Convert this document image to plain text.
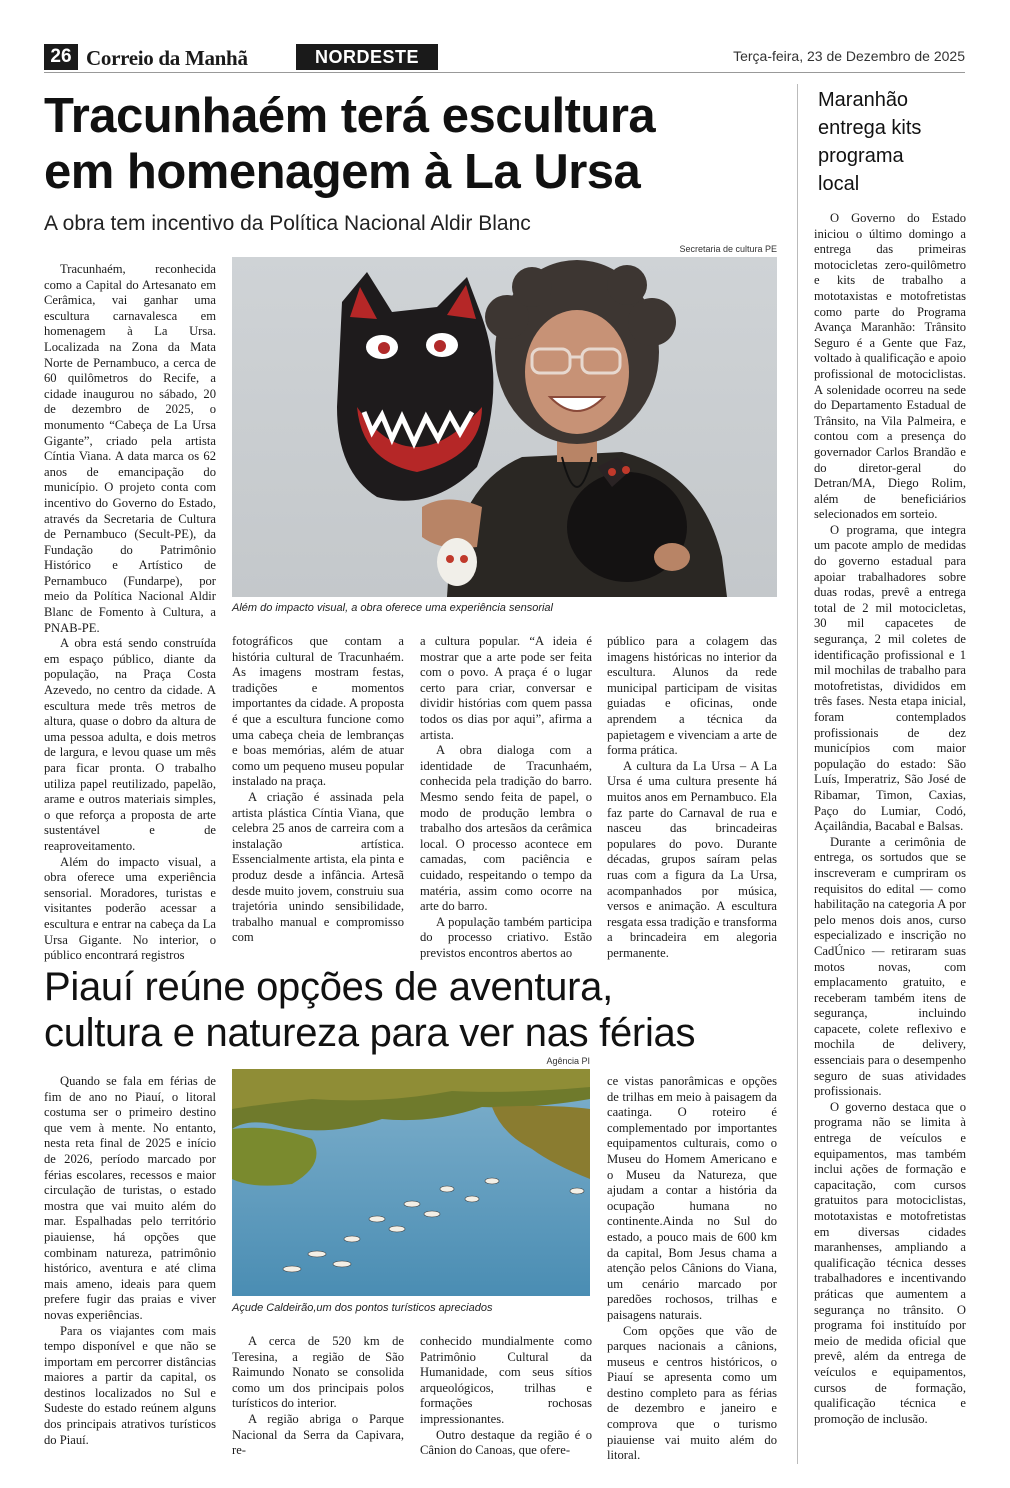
26 Correio da Manhã	NORDESTE	Terça-feira, 23 de Dezembro de 2025
Tracunhaém terá escultura
em homenagem à La Ursa
A obra tem incentivo da Política Nacional Aldir Blanc
Secretaria de cultura PE
Além do impacto visual, a obra oferece uma experiência sensorial

Tracunhaém, reconhecida como a Capital do Artesanato em Cerâmica, vai ganhar uma escultura carnavalesca em homenagem à La Ursa. Localizada na Zona da Mata Norte de Pernambuco, a cerca de 60 quilômetros do Recife, a cidade inaugurou no sábado, 20 de dezembro de 2025, o monumento “Cabeça de La Ursa Gigante”, criado pela artista Cíntia Viana. A data marca os 62 anos de emancipação do município. O projeto conta com incentivo do Governo do Estado, através da Secretaria de Cultura de Pernambuco (Secult-PE), da Fundação do Patrimônio Histórico e Artístico de Pernambuco (Fundarpe), por meio da Política Nacional Aldir Blanc de Fomento à Cultura, a PNAB-PE.

A obra está sendo construída em espaço público, diante da população, na Praça Costa Azevedo, no centro da cidade. A escultura mede três metros de altura, quase o dobro da altura de uma pessoa adulta, e dois metros de largura, e levou quase um mês para ficar pronta. O trabalho utiliza papel reutilizado, papelão, arame e outros materiais simples, o que reforça a proposta de arte sustentável e de reaproveitamento.

Além do impacto visual, a obra oferece uma experiência sensorial. Moradores, turistas e visitantes poderão acessar a escultura e entrar na cabeça da La Ursa Gigante. No interior, o público encontrará registros

fotográficos que contam a história cultural de Tracunhaém. As imagens mostram festas, tradições e momentos importantes da cidade. A proposta é que a escultura funcione como uma cabeça cheia de lembranças e boas memórias, além de atuar como um pequeno museu popular instalado na praça.

A criação é assinada pela artista plástica Cíntia Viana, que celebra 25 anos de carreira com a instalação artística. Essencialmente artista, ela pinta e produz desde a infância. Artesã desde muito jovem, construiu sua trajetória unindo sensibilidade, trabalho manual e compromisso com

a cultura popular. “A ideia é mostrar que a arte pode ser feita com o povo. A praça é o lugar certo para criar, conversar e dividir histórias com quem passa todos os dias por aqui”, afirma a artista.

A obra dialoga com a identidade de Tracunhaém, conhecida pela tradição do barro. Mesmo sendo feita de papel, o modo de produção lembra o trabalho dos artesãos da cerâmica local. O processo acontece em camadas, com paciência e cuidado, respeitando o tempo da matéria, assim como ocorre na arte do barro.

A população também participa do processo criativo. Estão previstos encontros abertos ao

público para a colagem das imagens históricas no interior da escultura. Alunos da rede municipal participam de visitas guiadas e oficinas, onde aprendem a técnica da papietagem e vivenciam a arte de forma prática.

A cultura da La Ursa – A La Ursa é uma cultura presente há muitos anos em Pernambuco. Ela faz parte do Carnaval de rua e nasceu das brincadeiras populares do povo. Durante décadas, grupos saíram pelas ruas com a figura da La Ursa, acompanhados por música, versos e animação. A escultura resgata essa tradição e transforma a brincadeira em alegoria permanente.

Maranhão
entrega kits
programa
local

O Governo do Estado iniciou o último domingo a entrega das primeiras motocicletas zero-quilômetro e kits de trabalho a mototaxistas e motofretistas como parte do Programa Avança Maranhão: Trânsito Seguro é a Gente que Faz, voltado à qualificação e apoio profissional de motociclistas. A solenidade ocorreu na sede do Departamento Estadual de Trânsito, na Vila Palmeira, e contou com a presença do governador Carlos Brandão e do diretor-geral do Detran/MA, Diego Rolim, além de beneficiários selecionados em sorteio.

O programa, que integra um pacote amplo de medidas do governo estadual para apoiar trabalhadores sobre duas rodas, prevê a entrega total de 2 mil motocicletas, 30 mil capacetes de segurança, 2 mil coletes de identificação profissional e 1 mil mochilas de trabalho para motofretistas, divididos em três fases. Nesta etapa inicial, foram contemplados profissionais de dez municípios com maior população do estado: São Luís, Imperatriz, São José de Ribamar, Timon, Caxias, Paço do Lumiar, Codó, Açailândia, Bacabal e Balsas.

Durante a cerimônia de entrega, os sortudos que se inscreveram e cumpriram os requisitos do edital — como habilitação na categoria A por pelo menos dois anos, curso especializado e inscrição no CadÚnico — retiraram suas motos novas, com emplacamento gratuito, e receberam também itens de segurança, incluindo capacete, colete reflexivo e mochila de delivery, essenciais para o desempenho seguro de suas atividades profissionais.

O governo destaca que o programa não se limita à entrega de veículos e equipamentos, mas também inclui ações de formação e capacitação, com cursos gratuitos para motociclistas, mototaxistas e motofretistas em diversas cidades maranhenses, ampliando a qualificação técnica desses trabalhadores e incentivando práticas que aumentem a segurança no trânsito. O programa foi instituído por meio de medida oficial que prevê, além da entrega de veículos e equipamentos, cursos de formação, qualificação técnica e promoção de inclusão.

Piauí reúne opções de aventura,
cultura e natureza para ver nas férias
Agência PI
Açude Caldeirão,um dos pontos turísticos apreciados

Quando se fala em férias de fim de ano no Piauí, o litoral costuma ser o primeiro destino que vem à mente. No entanto, nesta reta final de 2025 e início de 2026, período marcado por férias escolares, recessos e maior circulação de turistas, o estado mostra que vai muito além do mar. Espalhadas pelo território piauiense, há opções que combinam natureza, patrimônio histórico, aventura e até clima mais ameno, ideais para quem prefere fugir das praias e viver novas experiências.

Para os viajantes com mais tempo disponível e que não se importam em percorrer distâncias maiores a partir da capital, os destinos localizados no Sul e Sudeste do estado reúnem alguns dos principais atrativos turísticos do Piauí.

A cerca de 520 km de Teresina, a região de São Raimundo Nonato se consolida como um dos principais polos turísticos do interior.

A região abriga o Parque Nacional da Serra da Capivara, re-

conhecido mundialmente como Patrimônio Cultural da Humanidade, com seus sítios arqueológicos, trilhas e formações rochosas impressionantes.

Outro destaque da região é o Cânion do Canoas, que ofere-

ce vistas panorâmicas e opções de trilhas em meio à paisagem da caatinga. O roteiro é complementado por importantes equipamentos culturais, como o Museu do Homem Americano e o Museu da Natureza, que ajudam a contar a história da ocupação humana no continente.Ainda no Sul do estado, a pouco mais de 600 km da capital, Bom Jesus chama a atenção pelos Cânions do Viana, um cenário marcado por paredões rochosos, trilhas e paisagens naturais.

Com opções que vão de parques nacionais a cânions, museus e centros históricos, o Piauí se apresenta como um destino completo para as férias de dezembro e janeiro e comprova que o turismo piauiense vai muito além do litoral.
